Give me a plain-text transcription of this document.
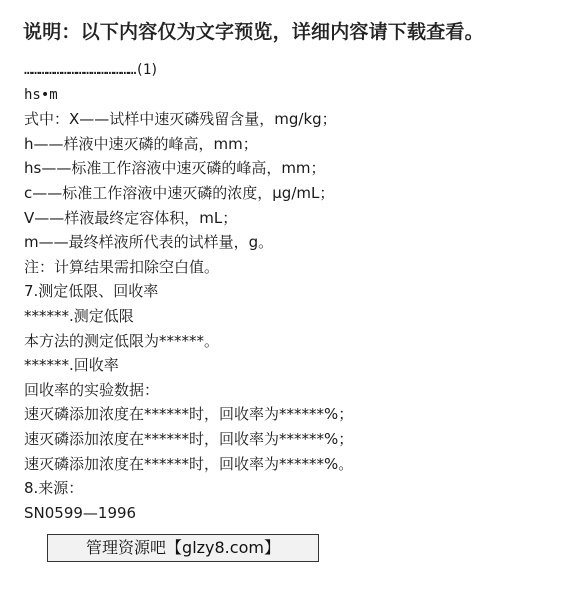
说明：以下内容仅为文字预览，详细内容请下载查看。
………………………………………(1)
hs•m
式中：X——试样中速灭磷残留含量，mg/kg；
h——样液中速灭磷的峰高，mm；
hs——标准工作溶液中速灭磷的峰高，mm；
c——标准工作溶液中速灭磷的浓度，μg/mL；
V——样液最终定容体积，mL；
m——最终样液所代表的试样量，g。
注：计算结果需扣除空白值。
7.测定低限、回收率
******.测定低限
本方法的测定低限为******。
******.回收率
回收率的实验数据：
速灭磷添加浓度在******时，回收率为******%；
速灭磷添加浓度在******时，回收率为******%；
速灭磷添加浓度在******时，回收率为******%。
8.来源：
SN0599—1996
管理资源吧【glzy8.com】
